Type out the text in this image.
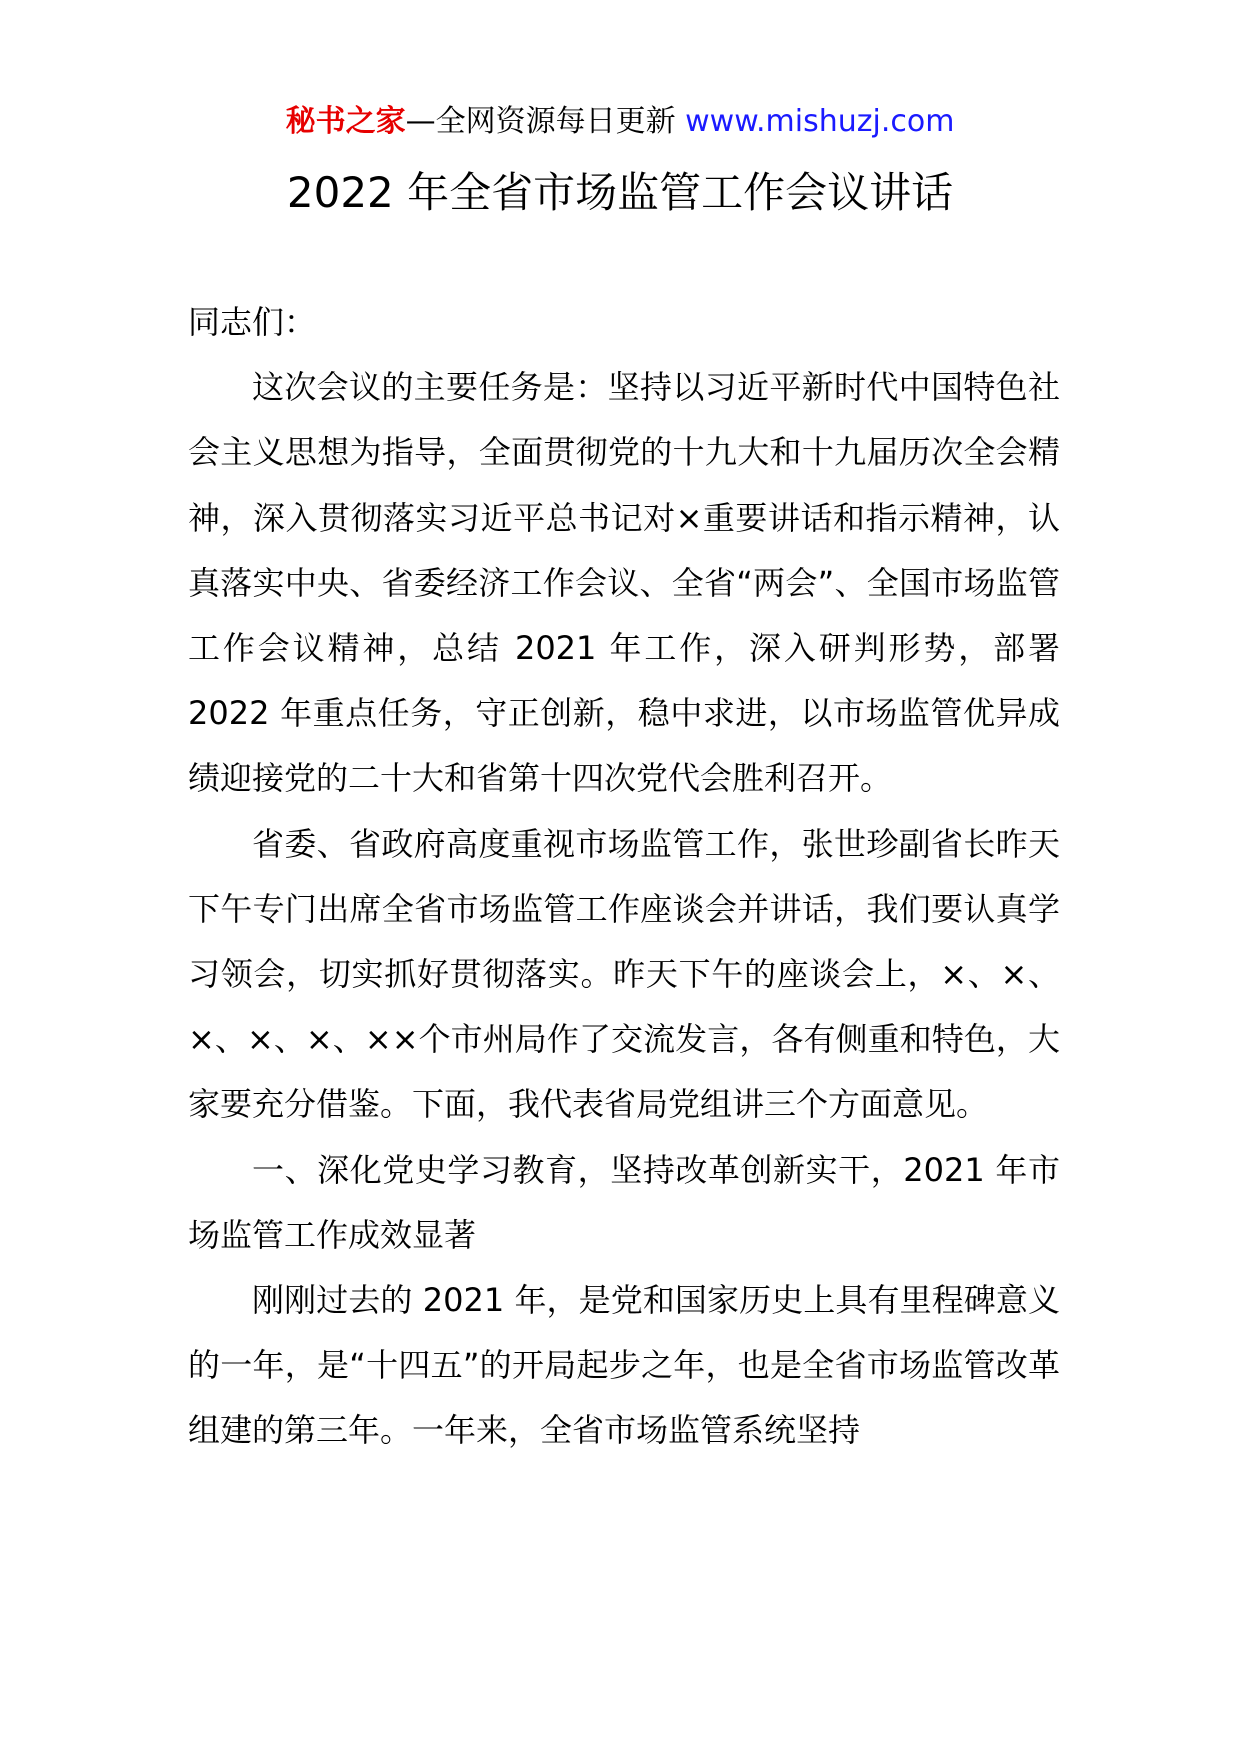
秘书之家—全网资源每日更新 www.mishuzj.com
2022 年全省市场监管工作会议讲话

同志们：

这次会议的主要任务是：坚持以习近平新时代中国特色社会主义思想为指导，全面贯彻党的十九大和十九届历次全会精神，深入贯彻落实习近平总书记对×重要讲话和指示精神，认真落实中央、省委经济工作会议、全省“两会”、全国市场监管工作会议精神，总结 2021 年工作，深入研判形势，部署 2022 年重点任务，守正创新，稳中求进，以市场监管优异成绩迎接党的二十大和省第十四次党代会胜利召开。

省委、省政府高度重视市场监管工作，张世珍副省长昨天下午专门出席全省市场监管工作座谈会并讲话，我们要认真学习领会，切实抓好贯彻落实。昨天下午的座谈会上，×、×、×、×、×、××个市州局作了交流发言，各有侧重和特色，大家要充分借鉴。下面，我代表省局党组讲三个方面意见。

一、深化党史学习教育，坚持改革创新实干，2021 年市场监管工作成效显著

刚刚过去的 2021 年，是党和国家历史上具有里程碑意义的一年，是“十四五”的开局起步之年，也是全省市场监管改革组建的第三年。一年来，全省市场监管系统坚持
